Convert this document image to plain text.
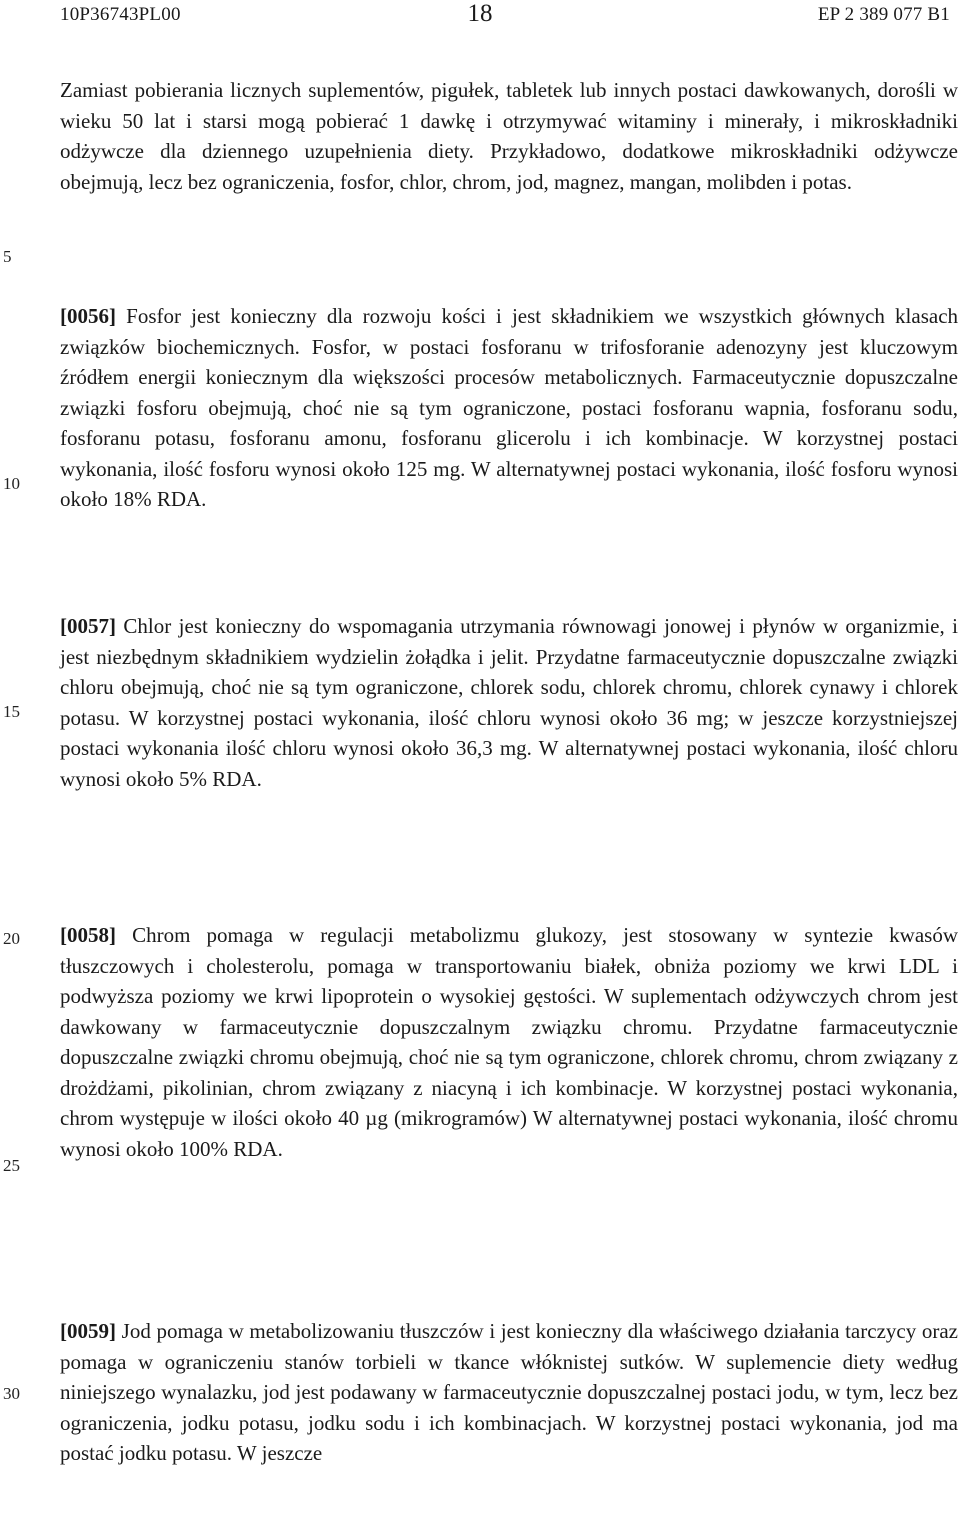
10P36743PL00	18	EP 2 389 077 B1
5
10
15
20
25
30

Zamiast pobierania licznych suplementów, pigułek, tabletek lub innych postaci dawkowanych, dorośli w wieku 50 lat i starsi mogą pobierać 1 dawkę i otrzymywać witaminy i minerały, i mikroskładniki odżywcze dla dziennego uzupełnienia diety. Przykładowo, dodatkowe mikroskładniki odżywcze obejmują, lecz bez ograniczenia, fosfor, chlor, chrom, jod, magnez, mangan, molibden i potas.

[0056] Fosfor jest konieczny dla rozwoju kości i jest składnikiem we wszystkich głównych klasach związków biochemicznych. Fosfor, w postaci fosforanu w trifosforanie adenozyny jest kluczowym źródłem energii koniecznym dla większości procesów metabolicznych. Farmaceutycznie dopuszczalne związki fosforu obejmują, choć nie są tym ograniczone, postaci fosforanu wapnia, fosforanu sodu, fosforanu potasu, fosforanu amonu, fosforanu glicerolu i ich kombinacje. W korzystnej postaci wykonania, ilość fosforu wynosi około 125 mg. W alternatywnej postaci wykonania, ilość fosforu wynosi około 18% RDA.

[0057] Chlor jest konieczny do wspomagania utrzymania równowagi jonowej i płynów w organizmie, i jest niezbędnym składnikiem wydzielin żołądka i jelit. Przydatne farmaceutycznie dopuszczalne związki chloru obejmują, choć nie są tym ograniczone, chlorek sodu, chlorek chromu, chlorek cynawy i chlorek potasu. W korzystnej postaci wykonania, ilość chloru wynosi około 36 mg; w jeszcze korzystniejszej postaci wykonania ilość chloru wynosi około 36,3 mg. W alternatywnej postaci wykonania, ilość chloru wynosi około 5% RDA.

[0058] Chrom pomaga w regulacji metabolizmu glukozy, jest stosowany w syntezie kwasów tłuszczowych i cholesterolu, pomaga w transportowaniu białek, obniża poziomy we krwi LDL i podwyższa poziomy we krwi lipoprotein o wysokiej gęstości. W suplementach odżywczych chrom jest dawkowany w farmaceutycznie dopuszczalnym związku chromu. Przydatne farmaceutycznie dopuszczalne związki chromu obejmują, choć nie są tym ograniczone, chlorek chromu, chrom związany z drożdżami, pikolinian, chrom związany z niacyną i ich kombinacje. W korzystnej postaci wykonania, chrom występuje w ilości około 40 µg (mikrogramów) W alternatywnej postaci wykonania, ilość chromu wynosi około 100% RDA.

[0059] Jod pomaga w metabolizowaniu tłuszczów i jest konieczny dla właściwego działania tarczycy oraz pomaga w ograniczeniu stanów torbieli w tkance włóknistej sutków. W suplemencie diety według niniejszego wynalazku, jod jest podawany w farmaceutycznie dopuszczalnej postaci jodu, w tym, lecz bez ograniczenia, jodku potasu, jodku sodu i ich kombinacjach. W korzystnej postaci wykonania, jod ma postać jodku potasu. W jeszcze
